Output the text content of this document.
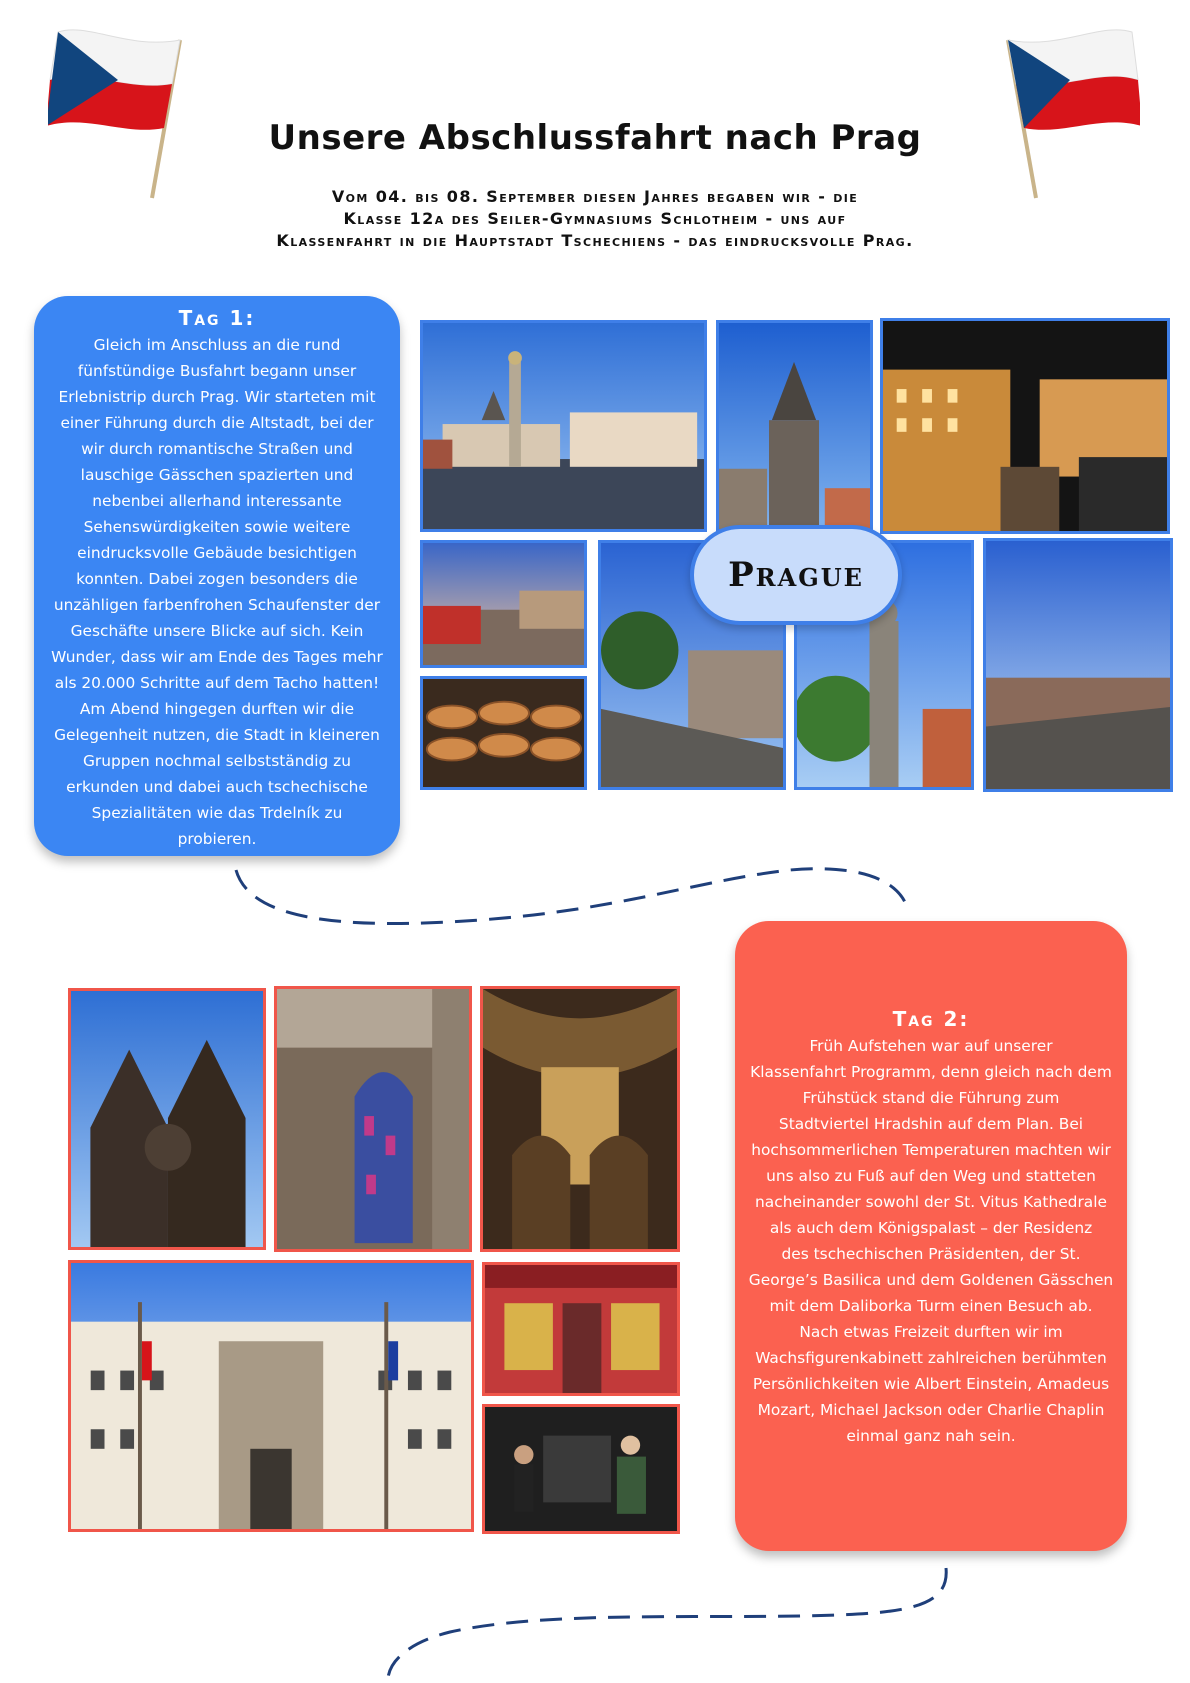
Unsere Abschlussfahrt nach Prag
Vom 04. bis 08. September diesen Jahres begaben wir - die
Klasse 12a des Seiler-Gymnasiums Schlotheim - uns auf
Klassenfahrt in die Hauptstadt Tschechiens - das eindrucksvolle Prag.
Tag 1:
Gleich im Anschluss an die rund
fünfstündige Busfahrt begann unser
Erlebnistrip durch Prag. Wir starteten mit
einer Führung durch die Altstadt, bei der
wir durch romantische Straßen und
lauschige Gässchen spazierten und
nebenbei allerhand interessante
Sehenswürdigkeiten sowie weitere
eindrucksvolle Gebäude besichtigen
konnten. Dabei zogen besonders die
unzähligen farbenfrohen Schaufenster der
Geschäfte unsere Blicke auf sich. Kein
Wunder, dass wir am Ende des Tages mehr
als 20.000 Schritte auf dem Tacho hatten!
Am Abend hingegen durften wir die
Gelegenheit nutzen, die Stadt in kleineren
Gruppen nochmal selbstständig zu
erkunden und dabei auch tschechische
Spezialitäten wie das Trdelník zu
probieren.
Prague
Tag 2:
Früh Aufstehen war auf unserer
Klassenfahrt Programm, denn gleich nach dem
Frühstück stand die Führung zum
Stadtviertel Hradshin auf dem Plan. Bei
hochsommerlichen Temperaturen machten wir
uns also zu Fuß auf den Weg und statteten
nacheinander sowohl der St. Vitus Kathedrale
als auch dem Königspalast – der Residenz
des tschechischen Präsidenten, der St.
George’s Basilica und dem Goldenen Gässchen
mit dem Daliborka Turm einen Besuch ab.
Nach etwas Freizeit durften wir im
Wachsfigurenkabinett zahlreichen berühmten
Persönlichkeiten wie Albert Einstein, Amadeus
Mozart, Michael Jackson oder Charlie Chaplin
einmal ganz nah sein.
